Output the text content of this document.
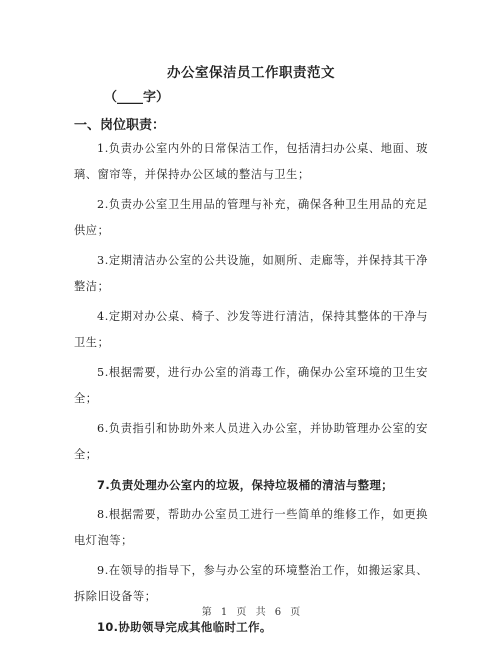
办公室保洁员工作职责范文
（____字）
一、岗位职责：

1.负责办公室内外的日常保洁工作，包括清扫办公桌、地面、玻璃、窗帘等，并保持办公区域的整洁与卫生；

2.负责办公室卫生用品的管理与补充，确保各种卫生用品的充足供应；

3.定期清洁办公室的公共设施，如厕所、走廊等，并保持其干净整洁；

4.定期对办公桌、椅子、沙发等进行清洁，保持其整体的干净与卫生；

5.根据需要，进行办公室的消毒工作，确保办公室环境的卫生安全；

6.负责指引和协助外来人员进入办公室，并协助管理办公室的安全；

7.负责处理办公室内的垃圾，保持垃圾桶的清洁与整理；

8.根据需要，帮助办公室员工进行一些简单的维修工作，如更换电灯泡等；

9.在领导的指导下，参与办公室的环境整治工作，如搬运家具、拆除旧设备等；

10.协助领导完成其他临时工作。

第 1 页 共 6 页
